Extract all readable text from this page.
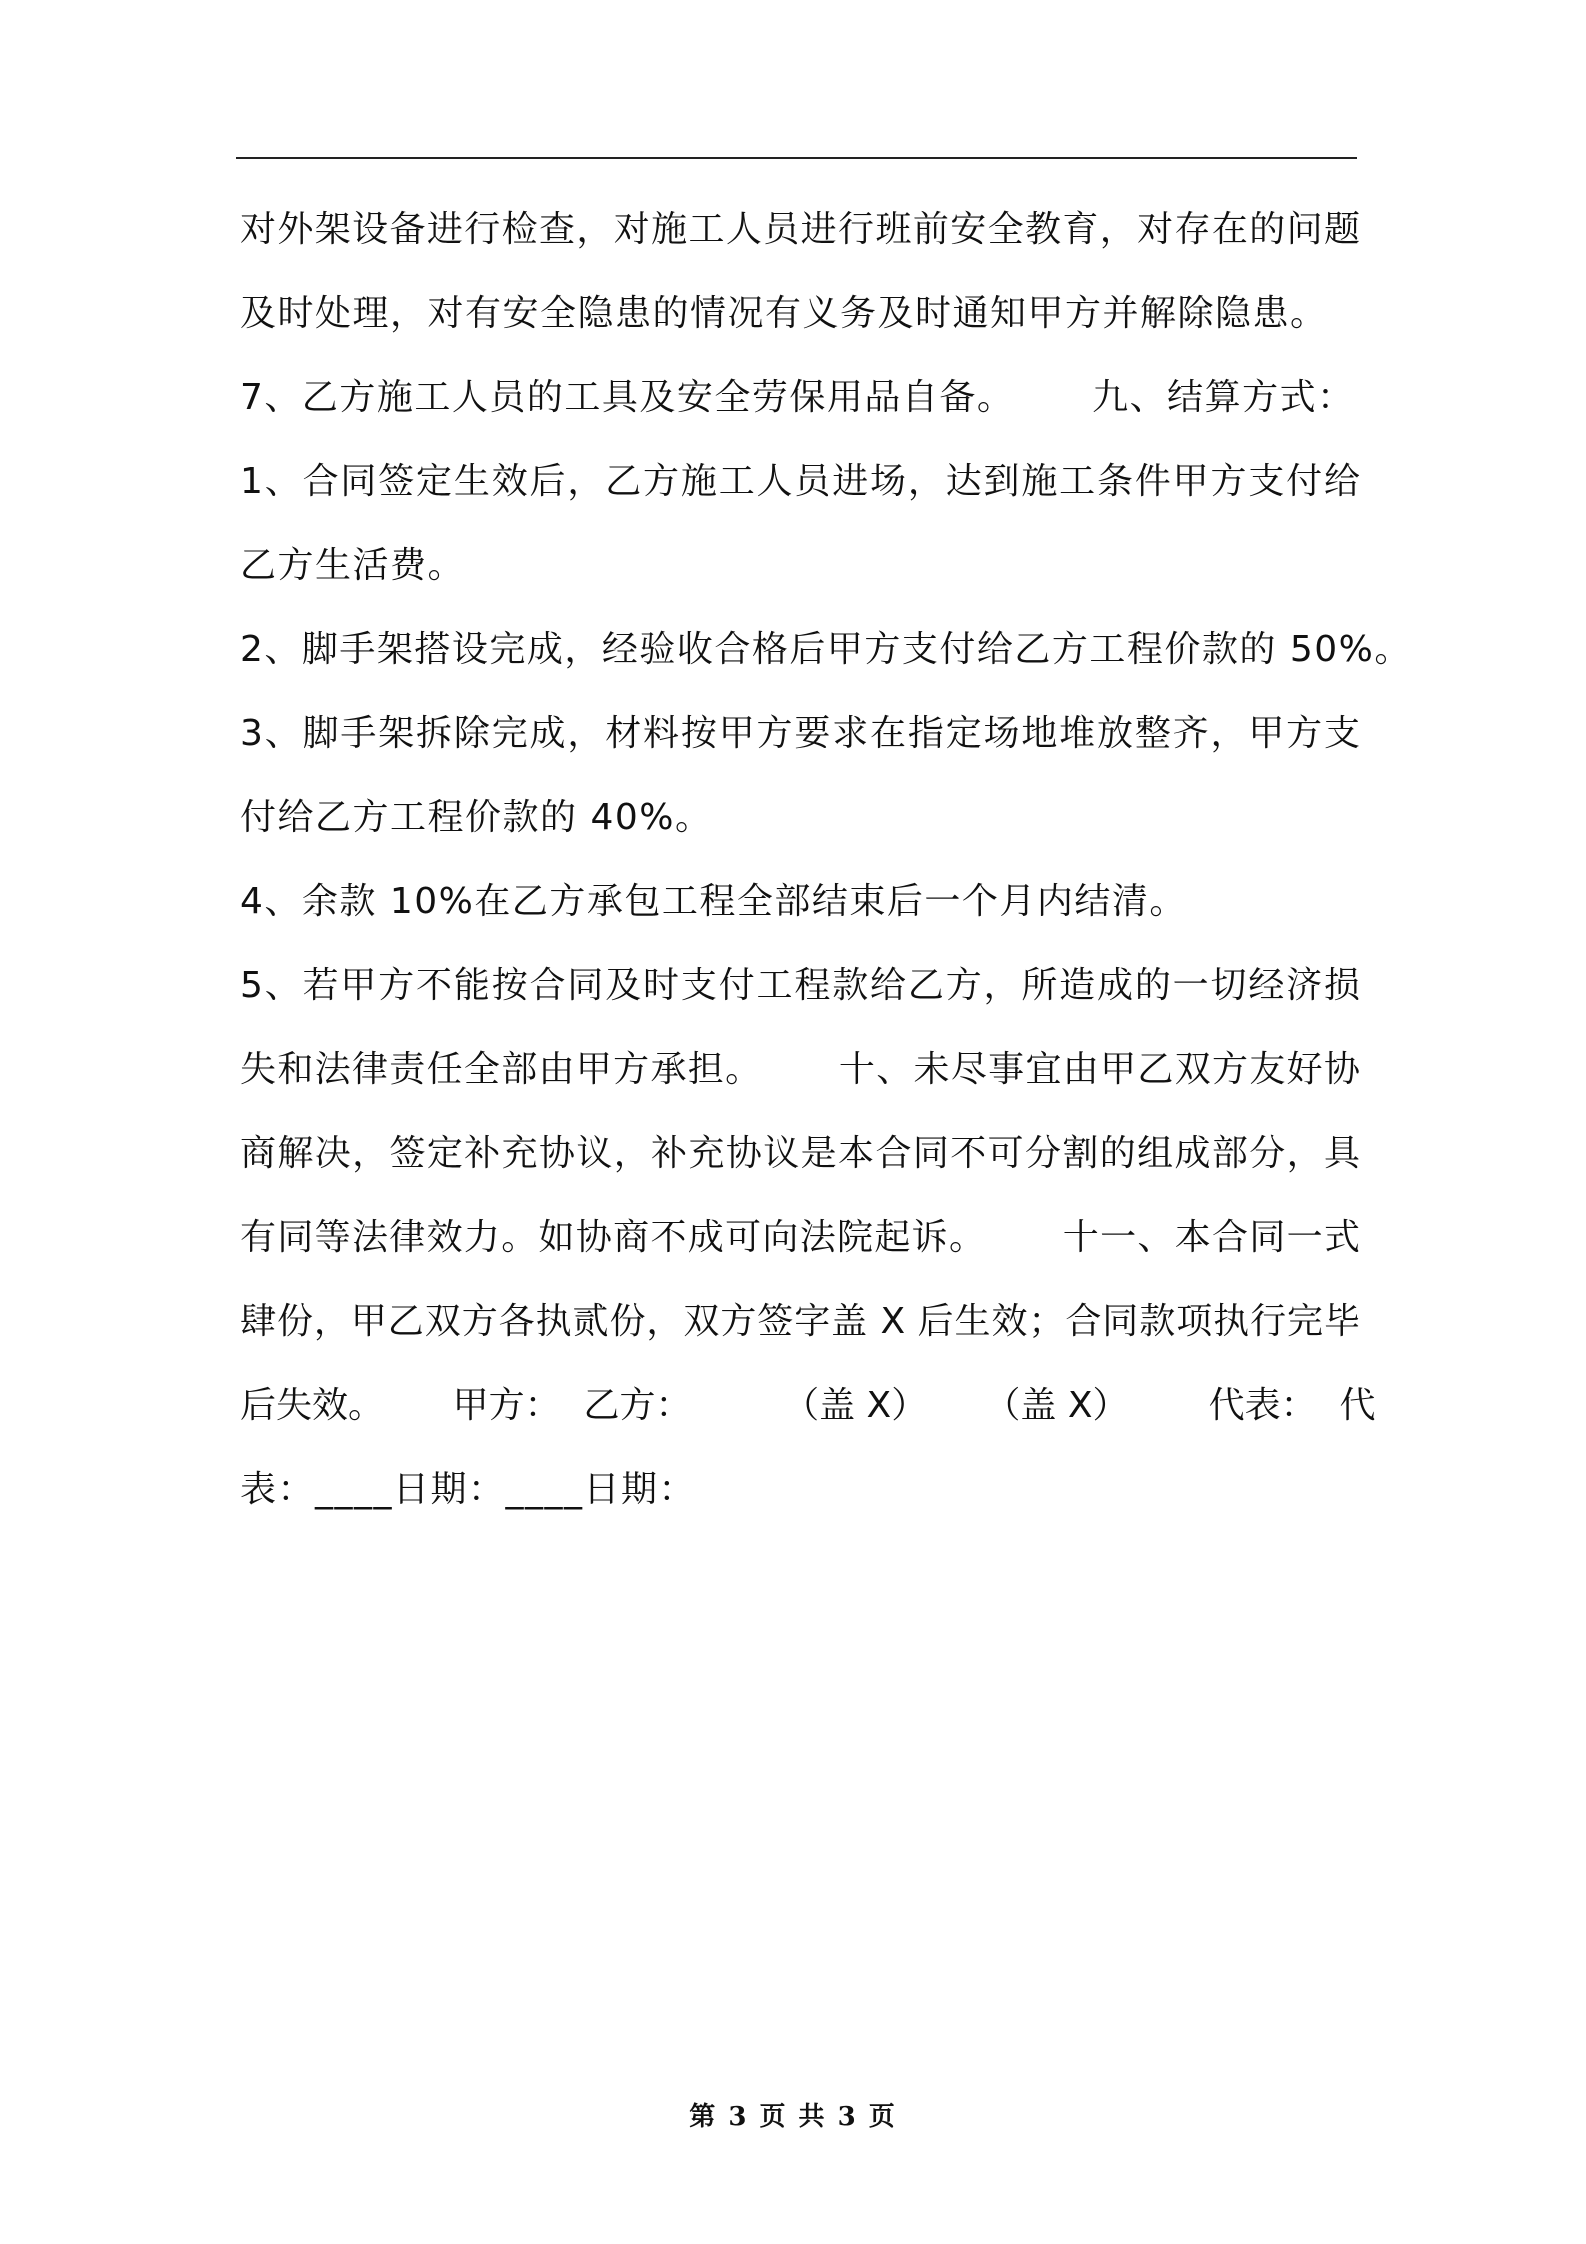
对外架设备进行检查，对施工人员进行班前安全教育，对存在的问题
及时处理，对有安全隐患的情况有义务及时通知甲方并解除隐患。
7、乙方施工人员的工具及安全劳保用品自备。      九、结算方式：
1、合同签定生效后，乙方施工人员进场，达到施工条件甲方支付给
乙方生活费。
2、脚手架搭设完成，经验收合格后甲方支付给乙方工程价款的 50%。
3、脚手架拆除完成，材料按甲方要求在指定场地堆放整齐，甲方支
付给乙方工程价款的 40%。
4、余款 10%在乙方承包工程全部结束后一个月内结清。
5、若甲方不能按合同及时支付工程款给乙方，所造成的一切经济损
失和法律责任全部由甲方承担。      十、未尽事宜由甲乙双方友好协
商解决，签定补充协议，补充协议是本合同不可分割的组成部分，具
有同等法律效力。如协商不成可向法院起诉。      十一、本合同一式
肆份，甲乙双方各执贰份，双方签字盖 X 后生效；合同款项执行完毕
后失效。      甲方：  乙方：        （盖 X）     （盖 X）       代表：  代
表：____日期：____日期：
第 3 页 共 3 页
